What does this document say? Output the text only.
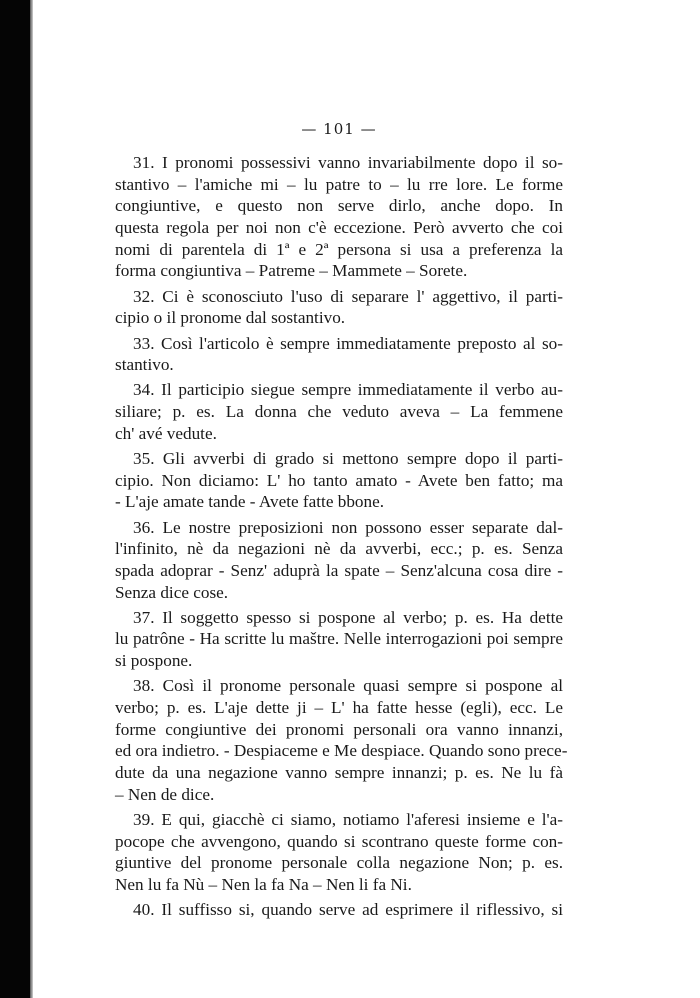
— 101 —
31. I pronomi possessivi vanno invariabilmente dopo il so-
stantivo – l'amiche mi – lu patre to – lu rre lore. Le forme
congiuntive, e questo non serve dirlo, anche dopo. In
questa regola per noi non c'è eccezione. Però avverto che coi
nomi di parentela di 1ª e 2ª persona si usa a preferenza la
forma congiuntiva – Patreme – Mammete – Sorete.
32. Ci è sconosciuto l'uso di separare l' aggettivo, il parti-
cipio o il pronome dal sostantivo.
33. Così l'articolo è sempre immediatamente preposto al so-
stantivo.
34. Il participio siegue sempre immediatamente il verbo au-
siliare; p. es. La donna che veduto aveva – La femmene
ch' avé vedute.
35. Gli avverbi di grado si mettono sempre dopo il parti-
cipio. Non diciamo: L' ho tanto amato - Avete ben fatto; ma
- L'aje amate tande - Avete fatte bbone.
36. Le nostre preposizioni non possono esser separate dal-
l'infinito, nè da negazioni nè da avverbi, ecc.; p. es. Senza
spada adoprar - Senz' aduprà la spate – Senz'alcuna cosa dire -
Senza dice cose.
37. Il soggetto spesso si pospone al verbo; p. es. Ha dette
lu patrône - Ha scritte lu maštre. Nelle interrogazioni poi sempre
si pospone.
38. Così il pronome personale quasi sempre si pospone al
verbo; p. es. L'aje dette ji – L' ha fatte hesse (egli), ecc. Le
forme congiuntive dei pronomi personali ora vanno innanzi,
ed ora indietro. - Despiaceme e Me despiace. Quando sono prece-
dute da una negazione vanno sempre innanzi; p. es. Ne lu fà
– Nen de dice.
39. E qui, giacchè ci siamo, notiamo l'aferesi insieme e l'a-
pocope che avvengono, quando si scontrano queste forme con-
giuntive del pronome personale colla negazione Non; p. es.
Nen lu fa Nù – Nen la fa Na – Nen li fa Ni.
40. Il suffisso si, quando serve ad esprimere il riflessivo, si
